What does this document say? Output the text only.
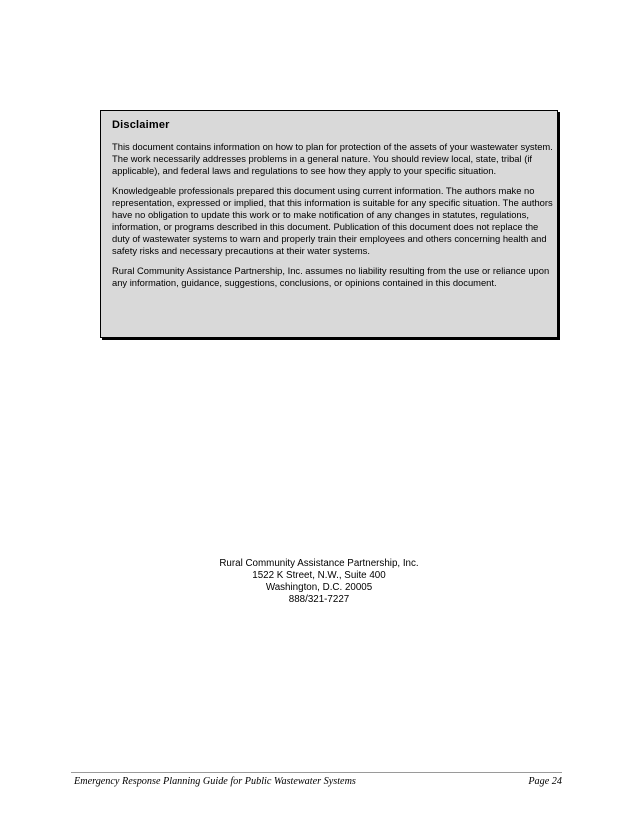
Disclaimer

This document contains information on how to plan for protection of the assets of your wastewater system. The work necessarily addresses problems in a general nature. You should review local, state, tribal (if applicable), and federal laws and regulations to see how they apply to your specific situation.

Knowledgeable professionals prepared this document using current information. The authors make no representation, expressed or implied, that this information is suitable for any specific situation. The authors have no obligation to update this work or to make notification of any changes in statutes, regulations, information, or programs described in this document. Publication of this document does not replace the duty of wastewater systems to warn and properly train their employees and others concerning health and safety risks and necessary precautions at their water systems.

Rural Community Assistance Partnership, Inc. assumes no liability resulting from the use or reliance upon any information, guidance, suggestions, conclusions, or opinions contained in this document.

Rural Community Assistance Partnership, Inc.
1522 K Street, N.W., Suite 400
Washington, D.C. 20005
888/321-7227
Emergency Response Planning Guide for Public Wastewater Systems	Page 24
